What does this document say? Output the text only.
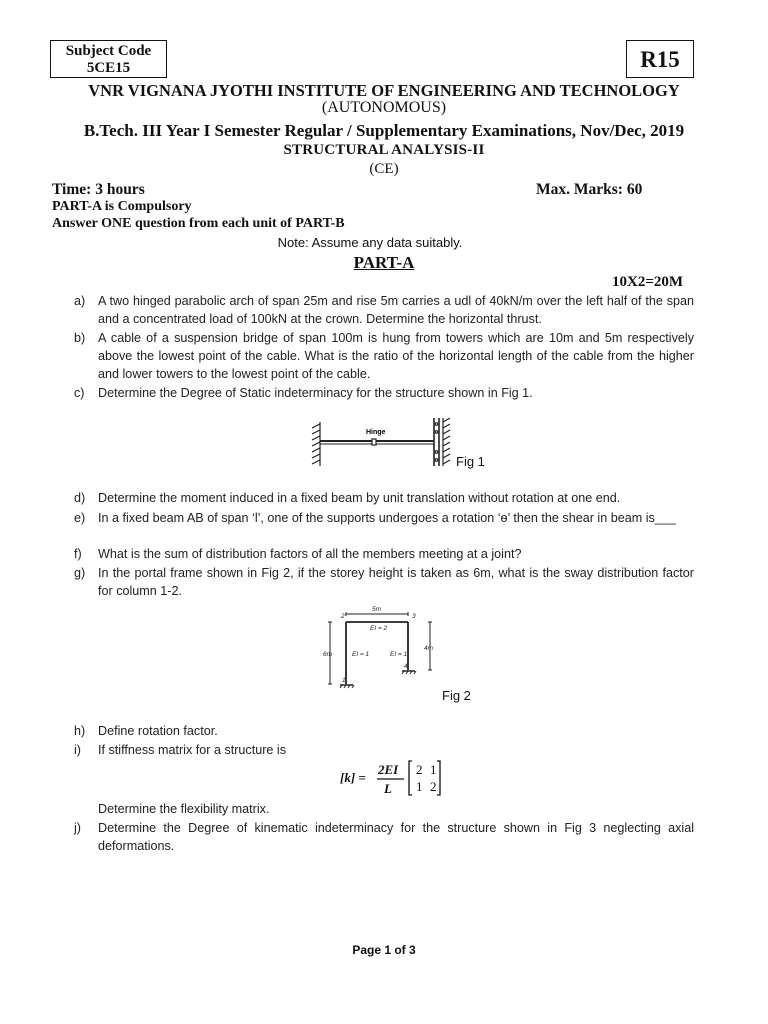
Subject Code
5CE15	R15
VNR VIGNANA JYOTHI INSTITUTE OF ENGINEERING AND TECHNOLOGY
(AUTONOMOUS)
B.Tech. III Year I Semester Regular / Supplementary Examinations, Nov/Dec, 2019
STRUCTURAL ANALYSIS-II
(CE)
Time: 3 hours	Max. Marks: 60
PART-A is Compulsory
Answer ONE question from each unit of PART-B
Note: Assume any data suitably.
PART-A
10X2=20M
a) A two hinged parabolic arch of span 25m and rise 5m carries a udl of 40kN/m over the left half of the span and a concentrated load of 100kN at the crown. Determine the horizontal thrust.
b) A cable of a suspension bridge of span 100m is hung from towers which are 10m and 5m respectively above the lowest point of the cable. What is the ratio of the horizontal length of the cable from the higher and lower towers to the lowest point of the cable.
c) Determine the Degree of Static indeterminacy for the structure shown in Fig 1.
Hinge
Fig 1
d) Determine the moment induced in a fixed beam by unit translation without rotation at one end.
e) In a fixed beam AB of span ‘l’, one of the supports undergoes a rotation ‘ѳ’ then the shear in beam is___
f) What is the sum of distribution factors of all the members meeting at a joint?
g) In the portal frame shown in Fig 2, if the storey height is taken as 6m, what is the sway distribution factor for column 1-2.
5m
EI = 2
EI = 1	EI = 1
6m
4m
2	3
1
4
Fig 2
h) Define rotation factor.
i) If stiffness matrix for a structure is
[k] =
2EI
L
2 1
1 2
Determine the flexibility matrix.
j) Determine the Degree of kinematic indeterminacy for the structure shown in Fig 3 neglecting axial deformations.
Page 1 of 3
